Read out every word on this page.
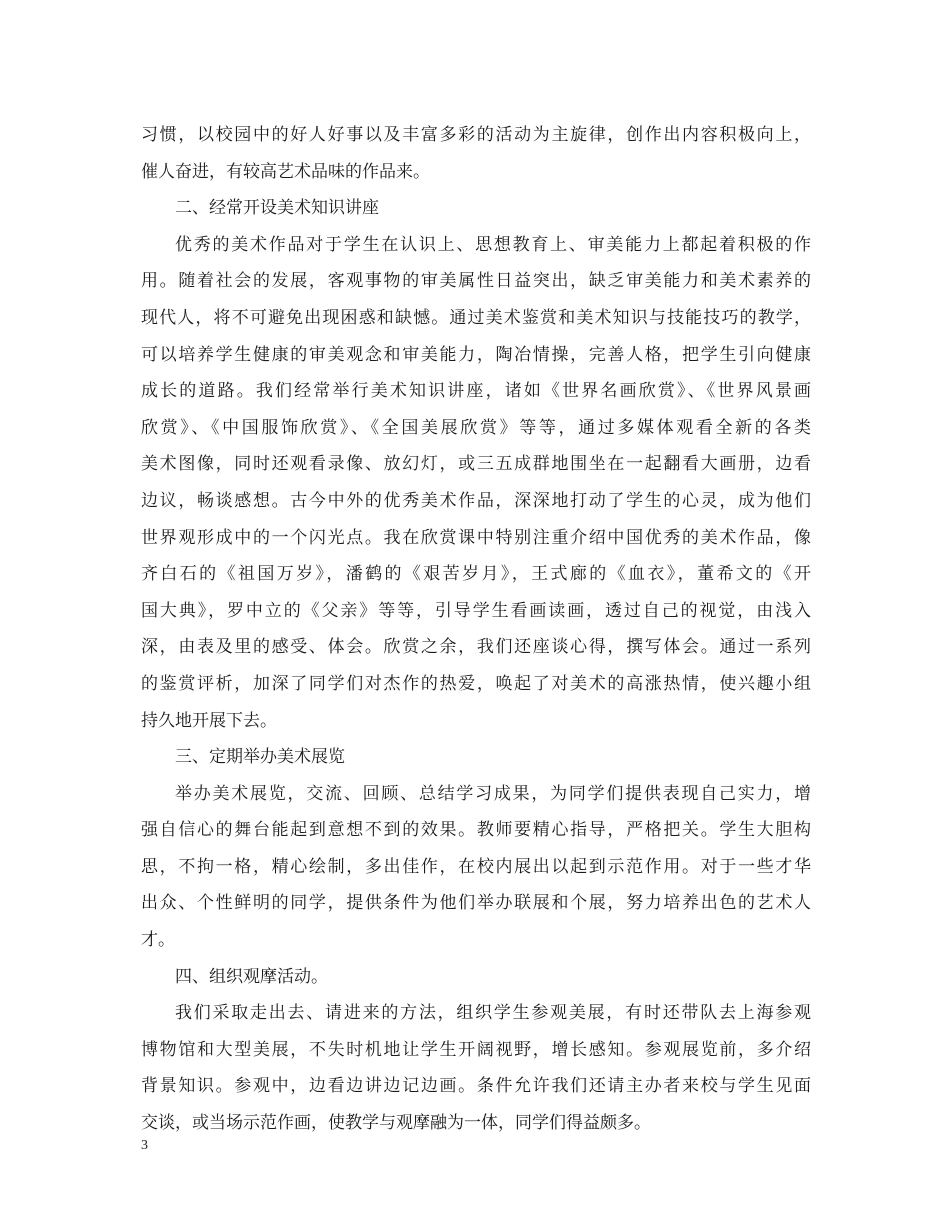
习惯，以校园中的好人好事以及丰富多彩的活动为主旋律，创作出内容积极向上，
催人奋进，有较高艺术品味的作品来。
二、经常开设美术知识讲座
优秀的美术作品对于学生在认识上、思想教育上、审美能力上都起着积极的作
用。随着社会的发展，客观事物的审美属性日益突出，缺乏审美能力和美术素养的
现代人，将不可避免出现困惑和缺憾。通过美术鉴赏和美术知识与技能技巧的教学，
可以培养学生健康的审美观念和审美能力，陶冶情操，完善人格，把学生引向健康
成长的道路。我们经常举行美术知识讲座，诸如《世界名画欣赏》、《世界风景画
欣赏》、《中国服饰欣赏》、《全国美展欣赏》等等，通过多媒体观看全新的各类
美术图像，同时还观看录像、放幻灯，或三五成群地围坐在一起翻看大画册，边看
边议，畅谈感想。古今中外的优秀美术作品，深深地打动了学生的心灵，成为他们
世界观形成中的一个闪光点。我在欣赏课中特别注重介绍中国优秀的美术作品，像
齐白石的《祖国万岁》，潘鹤的《艰苦岁月》，王式廊的《血衣》，董希文的《开
国大典》，罗中立的《父亲》等等，引导学生看画读画，透过自己的视觉，由浅入
深，由表及里的感受、体会。欣赏之余，我们还座谈心得，撰写体会。通过一系列
的鉴赏评析，加深了同学们对杰作的热爱，唤起了对美术的高涨热情，使兴趣小组
持久地开展下去。
三、定期举办美术展览
举办美术展览，交流、回顾、总结学习成果，为同学们提供表现自己实力，增
强自信心的舞台能起到意想不到的效果。教师要精心指导，严格把关。学生大胆构
思，不拘一格，精心绘制，多出佳作，在校内展出以起到示范作用。对于一些才华
出众、个性鲜明的同学，提供条件为他们举办联展和个展，努力培养出色的艺术人
才。
四、组织观摩活动。
我们采取走出去、请进来的方法，组织学生参观美展，有时还带队去上海参观
博物馆和大型美展，不失时机地让学生开阔视野，增长感知。参观展览前，多介绍
背景知识。参观中，边看边讲边记边画。条件允许我们还请主办者来校与学生见面
交谈，或当场示范作画，使教学与观摩融为一体，同学们得益颇多。
3
